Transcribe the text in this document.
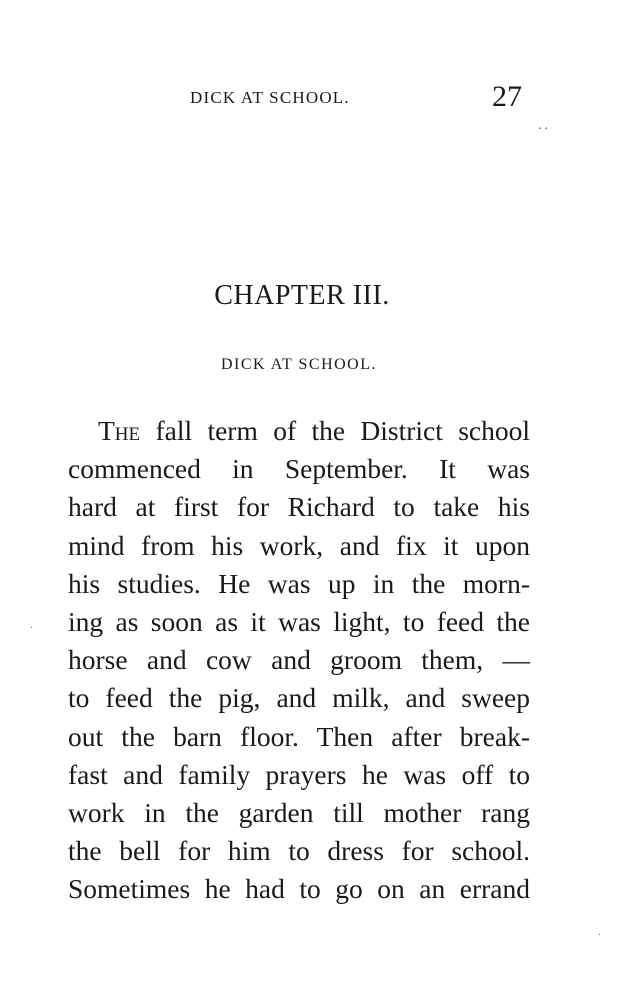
DICK AT SCHOOL.	27
..
CHAPTER III.
DICK AT SCHOOL.
The fall term of the District school
commenced in September. It was
hard at first for Richard to take his
mind from his work, and fix it upon
his studies. He was up in the morn-
ing as soon as it was light, to feed the
horse and cow and groom them, —
to feed the pig, and milk, and sweep
out the barn floor. Then after break-
fast and family prayers he was off to
work in the garden till mother rang
the bell for him to dress for school.
Sometimes he had to go on an errand
·
·
